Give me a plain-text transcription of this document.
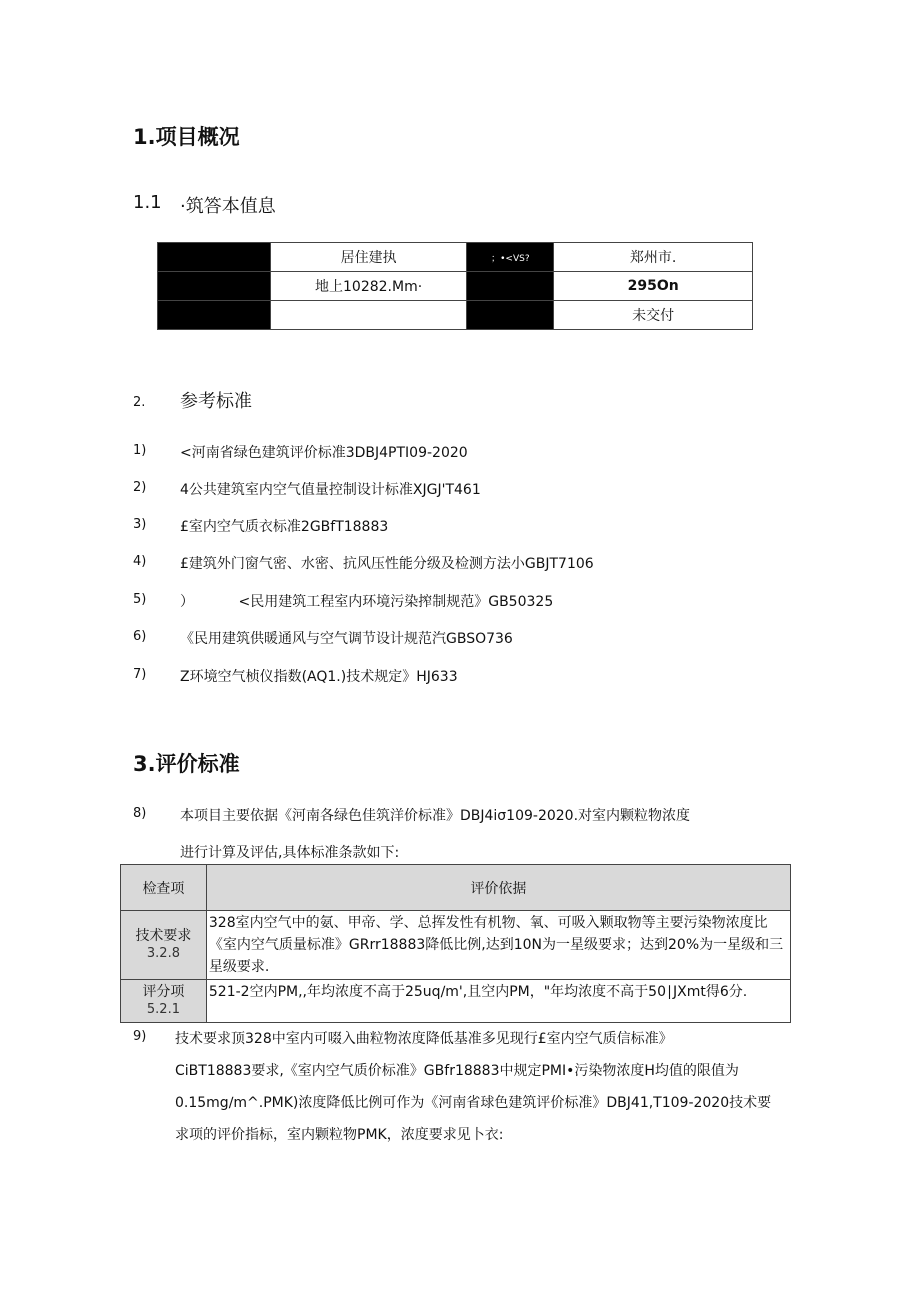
1.项目概况
1.1 ·筑答本值息
	居住建执	；•<VS?	郑州市.
	地上10282.Mm·		295On
			未交付
2. 参考标准
1) <河南省绿色建筑评价标准3DBJ4PTI09-2020
2) 4公共建筑室内空气值量控制设计标准XJGJ'T461
3) £室内空气质衣标准2GBfT18883
4) £建筑外门窗气密、水密、抗风压性能分级及检测方法小GBJT7106
5) ）          <民用建筑工程室内环境污染搾制规范》GB50325
6) 《民用建筑供暖通风与空气调节设计规范汽GBSO736
7) Z环境空气桢仪指数(AQ1.)技术规定》HJ633
3.评价标准
8) 本项目主要依据《河南各绿色佳筑洋价标准》DBJ4iσ109-2020.对室内颗粒物浓度
进行计算及评估,具体标准条款如下:
检查项	评价依据

技术要求
3.2.8	328室内空气中的氨、甲帝、学、总挥发性有机物、氧、可吸入颗取物等主要污染物浓度比《室内空气质量标准》GRrr18883降低比例,达到10N为一星级要求；达到20%为一星级和三星级要求.

评分项
5.2.1	521-2空内PM,,年均浓度不高于25uq∕m',且空内PM，"年均浓度不高于50∣JXmt得6分.
9) 技术要求顶328中室内可啜入曲粒物浓度降低基准多见现行£室内空气质信标准》
CiBT18883要求,《室内空气质价标准》GBfr18883中规定PMI•污染物浓度H均值的限值为
0.15mg∕m^.PMK)浓度降低比例可作为《河南省球色建筑评价标准》DBJ41,T109-2020技术要
求项的评价指标，室内颗粒物PMK，浓度要求见卜衣:
